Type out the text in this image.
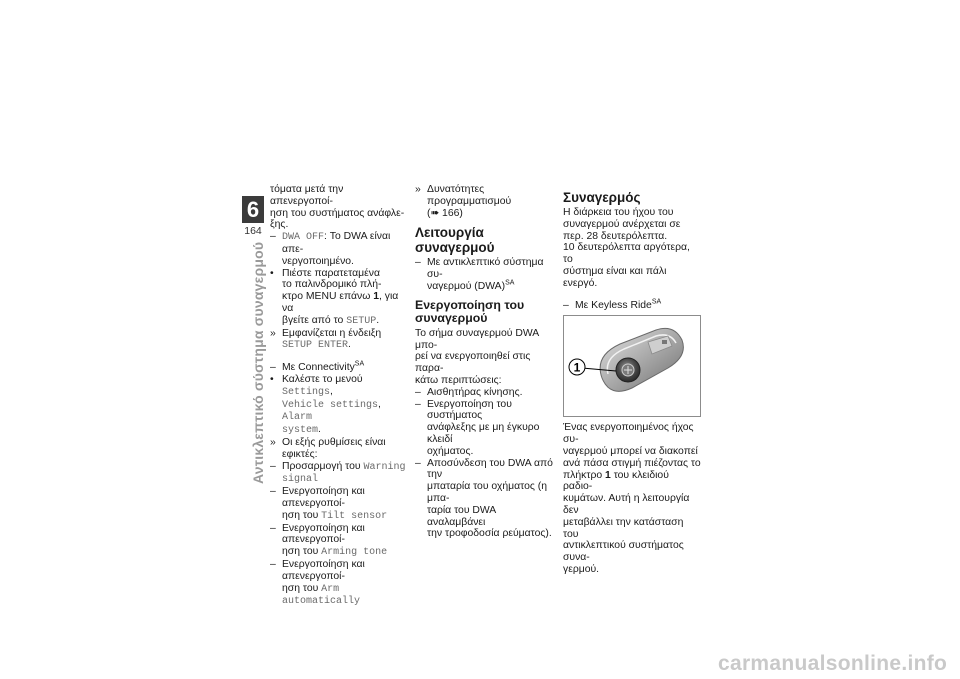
6
164
Αντικλεπτικό σύστημα συναγερμού

τόματα μετά την απενεργοποί-

ηση του συστήματος ανάφλε-

ξης.

– DWA OFF: Το DWA είναι απε-
νεργοποιημένο.
• Πιέστε παρατεταμένα
το παλινδρομικό πλή-
κτρο MENU επάνω 1, για να
βγείτε από το SETUP.
» Εμφανίζεται η ένδειξη
SETUP ENTER.
– Με Connectivity$^{SA}$
• Καλέστε το μενού Settings,
Vehicle settings, Alarm
system.
» Οι εξής ρυθμίσεις είναι εφικτές:
– Προσαρμογή του Warning
signal
– Ενεργοποίηση και απενεργοποί-
ηση του Tilt sensor
– Ενεργοποίηση και απενεργοποί-
ηση του Arming tone
– Ενεργοποίηση και απενεργοποί-
ηση του Arm automatically
» Δυνατότητες προγραμματισμού
(➠ 166)
Λειτουργία συναγερμού
– Με αντικλεπτικό σύστημα συ-
ναγερμού (DWA)$^{SA}$
Ενεργοποίηση του
συναγερμού

Το σήμα συναγερμού DWA μπο-

ρεί να ενεργοποιηθεί στις παρα-

κάτω περιπτώσεις:

– Αισθητήρας κίνησης.
– Ενεργοποίηση του συστήματος
ανάφλεξης με μη έγκυρο κλειδί
οχήματος.
– Αποσύνδεση του DWA από την
μπαταρία του οχήματος (η μπα-
ταρία του DWA αναλαμβάνει
την τροφοδοσία ρεύματος).
Συναγερμός

Η διάρκεια του ήχου του

συναγερμού ανέρχεται σε

περ. 28 δευτερόλεπτα.

10 δευτερόλεπτα αργότερα, το

σύστημα είναι και πάλι ενεργό.

– Με Keyless Ride$^{SA}$
1

Ένας ενεργοποιημένος ήχος συ-

ναγερμού μπορεί να διακοπεί

ανά πάσα στιγμή πιέζοντας το

πλήκτρο 1 του κλειδιού ραδιο-

κυμάτων. Αυτή η λειτουργία δεν

μεταβάλλει την κατάσταση του

αντικλεπτικού συστήματος συνα-

γερμού.

carmanualsonline.info
